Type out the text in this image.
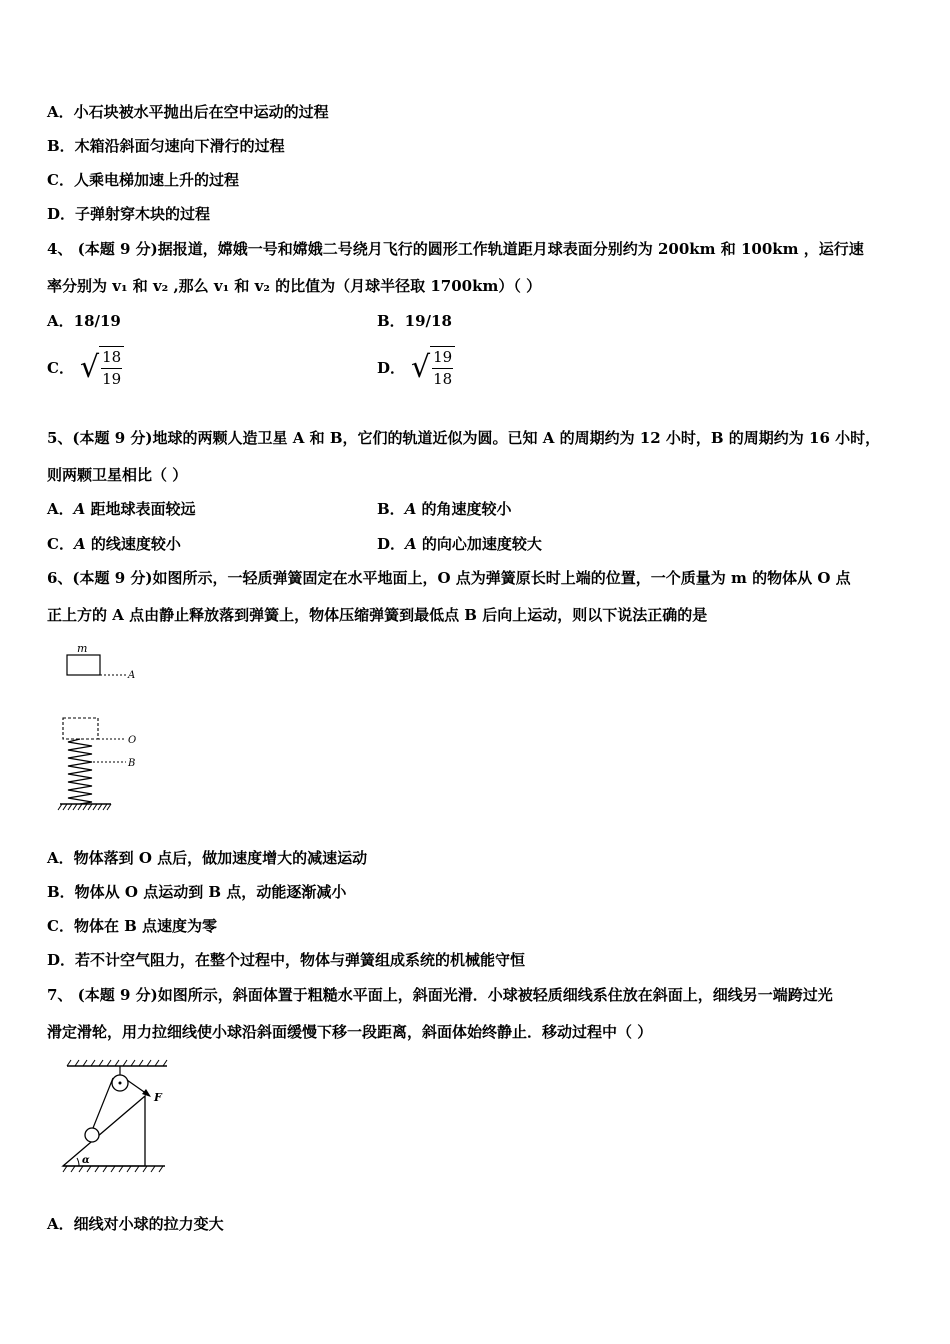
A．小石块被水平抛出后在空中运动的过程
B．木箱沿斜面匀速向下滑行的过程
C．人乘电梯加速上升的过程
D．子弹射穿木块的过程
4、 (本题 9 分)据报道，嫦娥一号和嫦娥二号绕月飞行的圆形工作轨道距月球表面分别约为 200km 和 100km ，运行速
率分别为 v₁ 和 v₂ ,那么 v₁ 和 v₂ 的比值为（月球半径取 1700km）（ ）
A．18/19	B．19/18
C． √ $\frac{18}{19}$	D． √ $\frac{19}{18}$
5、(本题 9 分)地球的两颗人造卫星 A 和 B，它们的轨道近似为圆。已知 A 的周期约为 12 小时，B 的周期约为 16 小时，
则两颗卫星相比（ ）
A．A 距地球表面较远	B．A 的角速度较小
C．A 的线速度较小	D．A 的向心加速度较大
6、(本题 9 分)如图所示，一轻质弹簧固定在水平地面上，O 点为弹簧原长时上端的位置，一个质量为 m 的物体从 O 点
正上方的 A 点由静止释放落到弹簧上，物体压缩弹簧到最低点 B 后向上运动，则以下说法正确的是
m
A
O
B
A．物体落到 O 点后，做加速度增大的减速运动
B．物体从 O 点运动到 B 点，动能逐渐减小
C．物体在 B 点速度为零
D．若不计空气阻力，在整个过程中，物体与弹簧组成系统的机械能守恒
7、 (本题 9 分)如图所示，斜面体置于粗糙水平面上，斜面光滑．小球被轻质细线系住放在斜面上，细线另一端跨过光
滑定滑轮，用力拉细线使小球沿斜面缓慢下移一段距离，斜面体始终静止．移动过程中（ ）
F
α
A．细线对小球的拉力变大
